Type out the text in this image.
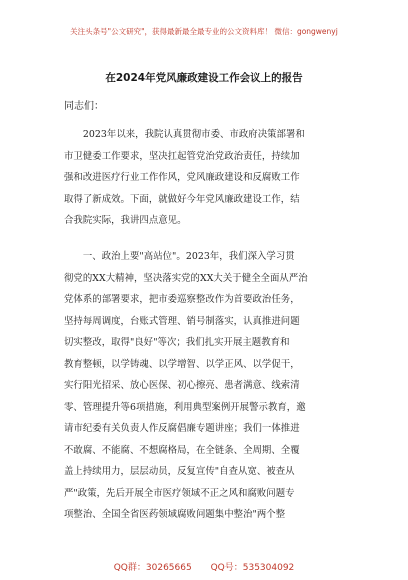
关注头条号"公文研究"，获得最新最全最专业的公文资料库！ 微信：gongwenyj
在2024年党风廉政建设工作会议上的报告
同志们：
　　2023年以来，我院认真贯彻市委、市政府决策部署和
市卫健委工作要求，坚决扛起管党治党政治责任，持续加
强和改进医疗行业工作作风，党风廉政建设和反腐败工作
取得了新成效。下面，就做好今年党风廉政建设工作，结
合我院实际，我讲四点意见。
　　一、政治上要"高站位"。2023年，我们深入学习贯
彻党的XX大精神，坚决落实党的XX大关于健全全面从严治
党体系的部署要求，把市委巡察整改作为首要政治任务，
坚持每周调度，台账式管理、销号制落实，认真推进问题
切实整改，取得"良好"等次；我们扎实开展主题教育和
教育整顿，以学铸魂、以学增智、以学正风、以学促干，
实行阳光招采、放心医保、初心擦亮、患者满意、线索清
零、管理提升等6项措施，利用典型案例开展警示教育，邀
请市纪委有关负责人作反腐倡廉专题讲座；我们一体推进
不敢腐、不能腐、不想腐格局，在全链条、全周期、全覆
盖上持续用力，层层动员，反复宣传"自查从宽、被查从
严"政策，先后开展全市医疗领域不正之风和腐败问题专
项整治、全国全省医药领域腐败问题集中整治"两个整
QQ群：30265665 QQ号：535304092
